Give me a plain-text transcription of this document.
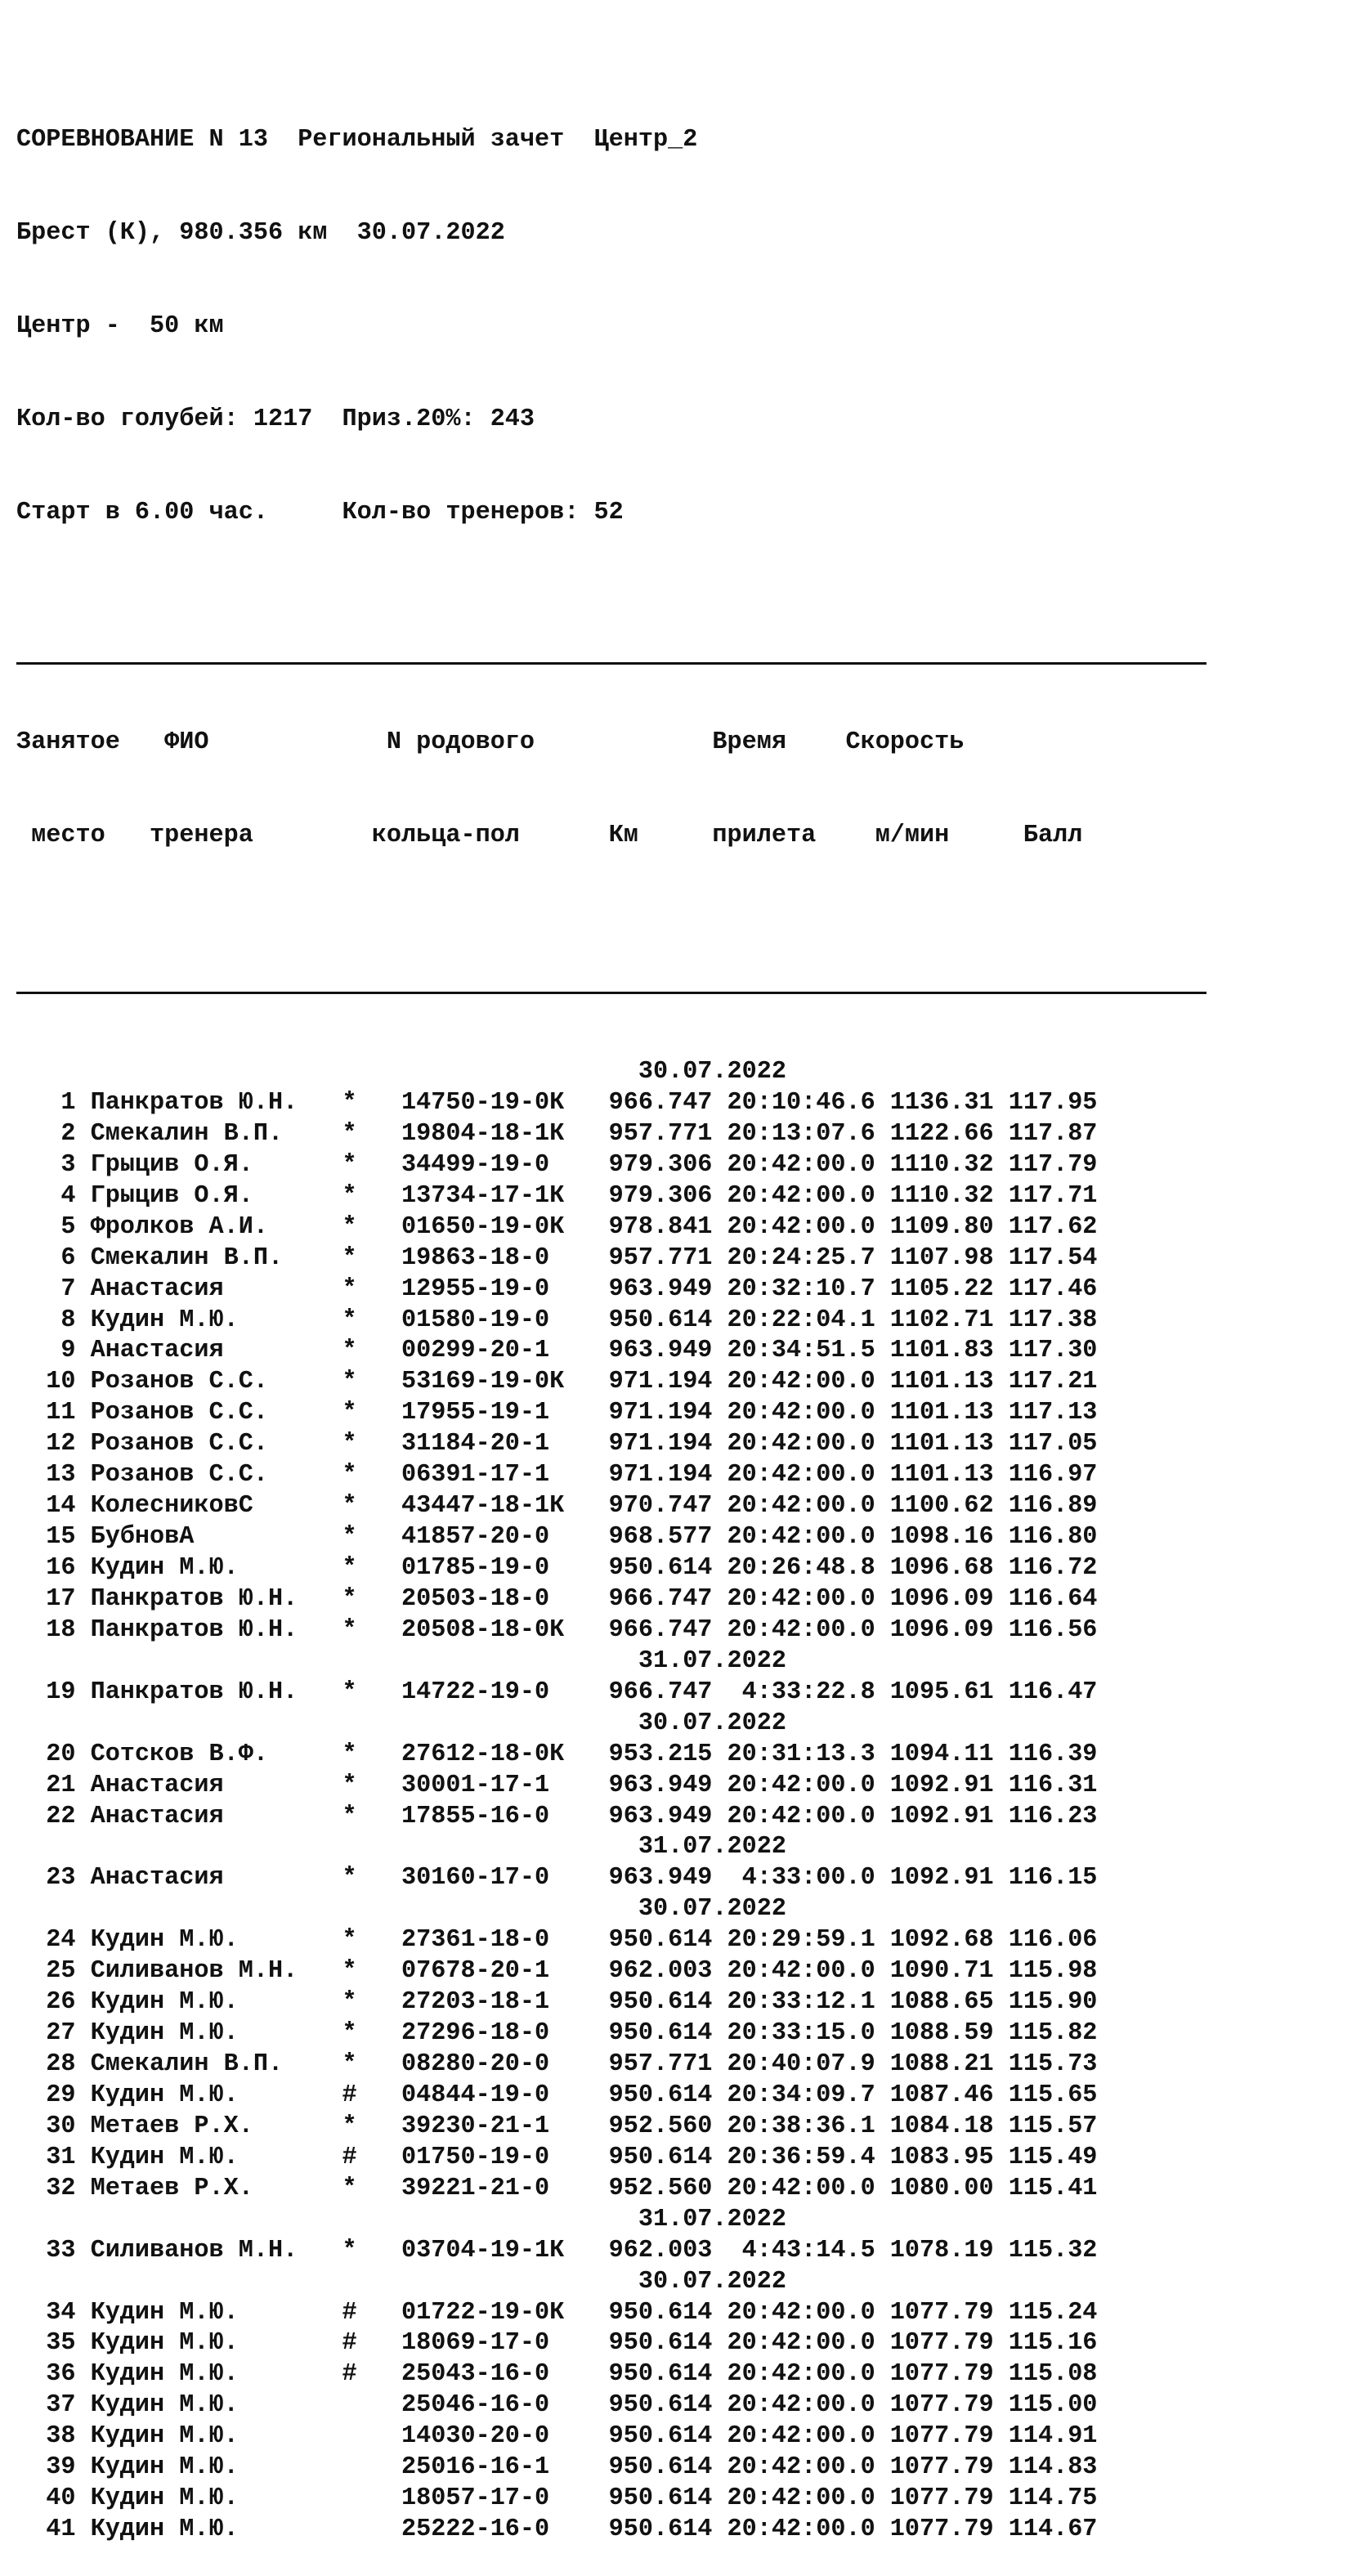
СОРЕВНОВАНИЕ N 13  Региональный зачет  Центр_2

Брест (К), 980.356 км  30.07.2022

Центр -  50 км

Кол-во голубей: 1217  Приз.20%: 243

Старт в 6.00 час.     Кол-во тренеров: 52

Занятое   ФИО            N родового            Время    Скорость

место   тренера        кольца-пол      Км     прилета    м/мин     Балл

30.07.2022
1 Панкратов Ю.Н.   *   14750-19-0К   966.747 20:10:46.6 1136.31 117.95
2 Смекалин В.П.    *   19804-18-1К   957.771 20:13:07.6 1122.66 117.87
3 Грыцив О.Я.      *   34499-19-0    979.306 20:42:00.0 1110.32 117.79
4 Грыцив О.Я.      *   13734-17-1К   979.306 20:42:00.0 1110.32 117.71
5 Фролков А.И.     *   01650-19-0К   978.841 20:42:00.0 1109.80 117.62
6 Смекалин В.П.    *   19863-18-0    957.771 20:24:25.7 1107.98 117.54
7 Анастасия        *   12955-19-0    963.949 20:32:10.7 1105.22 117.46
8 Кудин М.Ю.       *   01580-19-0    950.614 20:22:04.1 1102.71 117.38
9 Анастасия        *   00299-20-1    963.949 20:34:51.5 1101.83 117.30
10 Розанов С.С.     *   53169-19-0К   971.194 20:42:00.0 1101.13 117.21
11 Розанов С.С.     *   17955-19-1    971.194 20:42:00.0 1101.13 117.13
12 Розанов С.С.     *   31184-20-1    971.194 20:42:00.0 1101.13 117.05
13 Розанов С.С.     *   06391-17-1    971.194 20:42:00.0 1101.13 116.97
14 КолесниковС      *   43447-18-1К   970.747 20:42:00.0 1100.62 116.89
15 БубновА          *   41857-20-0    968.577 20:42:00.0 1098.16 116.80
16 Кудин М.Ю.       *   01785-19-0    950.614 20:26:48.8 1096.68 116.72
17 Панкратов Ю.Н.   *   20503-18-0    966.747 20:42:00.0 1096.09 116.64
18 Панкратов Ю.Н.   *   20508-18-0К   966.747 20:42:00.0 1096.09 116.56
31.07.2022
19 Панкратов Ю.Н.   *   14722-19-0    966.747  4:33:22.8 1095.61 116.47
30.07.2022
20 Сотсков В.Ф.     *   27612-18-0К   953.215 20:31:13.3 1094.11 116.39
21 Анастасия        *   30001-17-1    963.949 20:42:00.0 1092.91 116.31
22 Анастасия        *   17855-16-0    963.949 20:42:00.0 1092.91 116.23
31.07.2022
23 Анастасия        *   30160-17-0    963.949  4:33:00.0 1092.91 116.15
30.07.2022
24 Кудин М.Ю.       *   27361-18-0    950.614 20:29:59.1 1092.68 116.06
25 Силиванов М.Н.   *   07678-20-1    962.003 20:42:00.0 1090.71 115.98
26 Кудин М.Ю.       *   27203-18-1    950.614 20:33:12.1 1088.65 115.90
27 Кудин М.Ю.       *   27296-18-0    950.614 20:33:15.0 1088.59 115.82
28 Смекалин В.П.    *   08280-20-0    957.771 20:40:07.9 1088.21 115.73
29 Кудин М.Ю.       #   04844-19-0    950.614 20:34:09.7 1087.46 115.65
30 Метаев Р.Х.      *   39230-21-1    952.560 20:38:36.1 1084.18 115.57
31 Кудин М.Ю.       #   01750-19-0    950.614 20:36:59.4 1083.95 115.49
32 Метаев Р.Х.      *   39221-21-0    952.560 20:42:00.0 1080.00 115.41
31.07.2022
33 Силиванов М.Н.   *   03704-19-1К   962.003  4:43:14.5 1078.19 115.32
30.07.2022
34 Кудин М.Ю.       #   01722-19-0К   950.614 20:42:00.0 1077.79 115.24
35 Кудин М.Ю.       #   18069-17-0    950.614 20:42:00.0 1077.79 115.16
36 Кудин М.Ю.       #   25043-16-0    950.614 20:42:00.0 1077.79 115.08
37 Кудин М.Ю.           25046-16-0    950.614 20:42:00.0 1077.79 115.00
38 Кудин М.Ю.           14030-20-0    950.614 20:42:00.0 1077.79 114.91
39 Кудин М.Ю.           25016-16-1    950.614 20:42:00.0 1077.79 114.83
40 Кудин М.Ю.           18057-17-0    950.614 20:42:00.0 1077.79 114.75
41 Кудин М.Ю.           25222-16-0    950.614 20:42:00.0 1077.79 114.67
